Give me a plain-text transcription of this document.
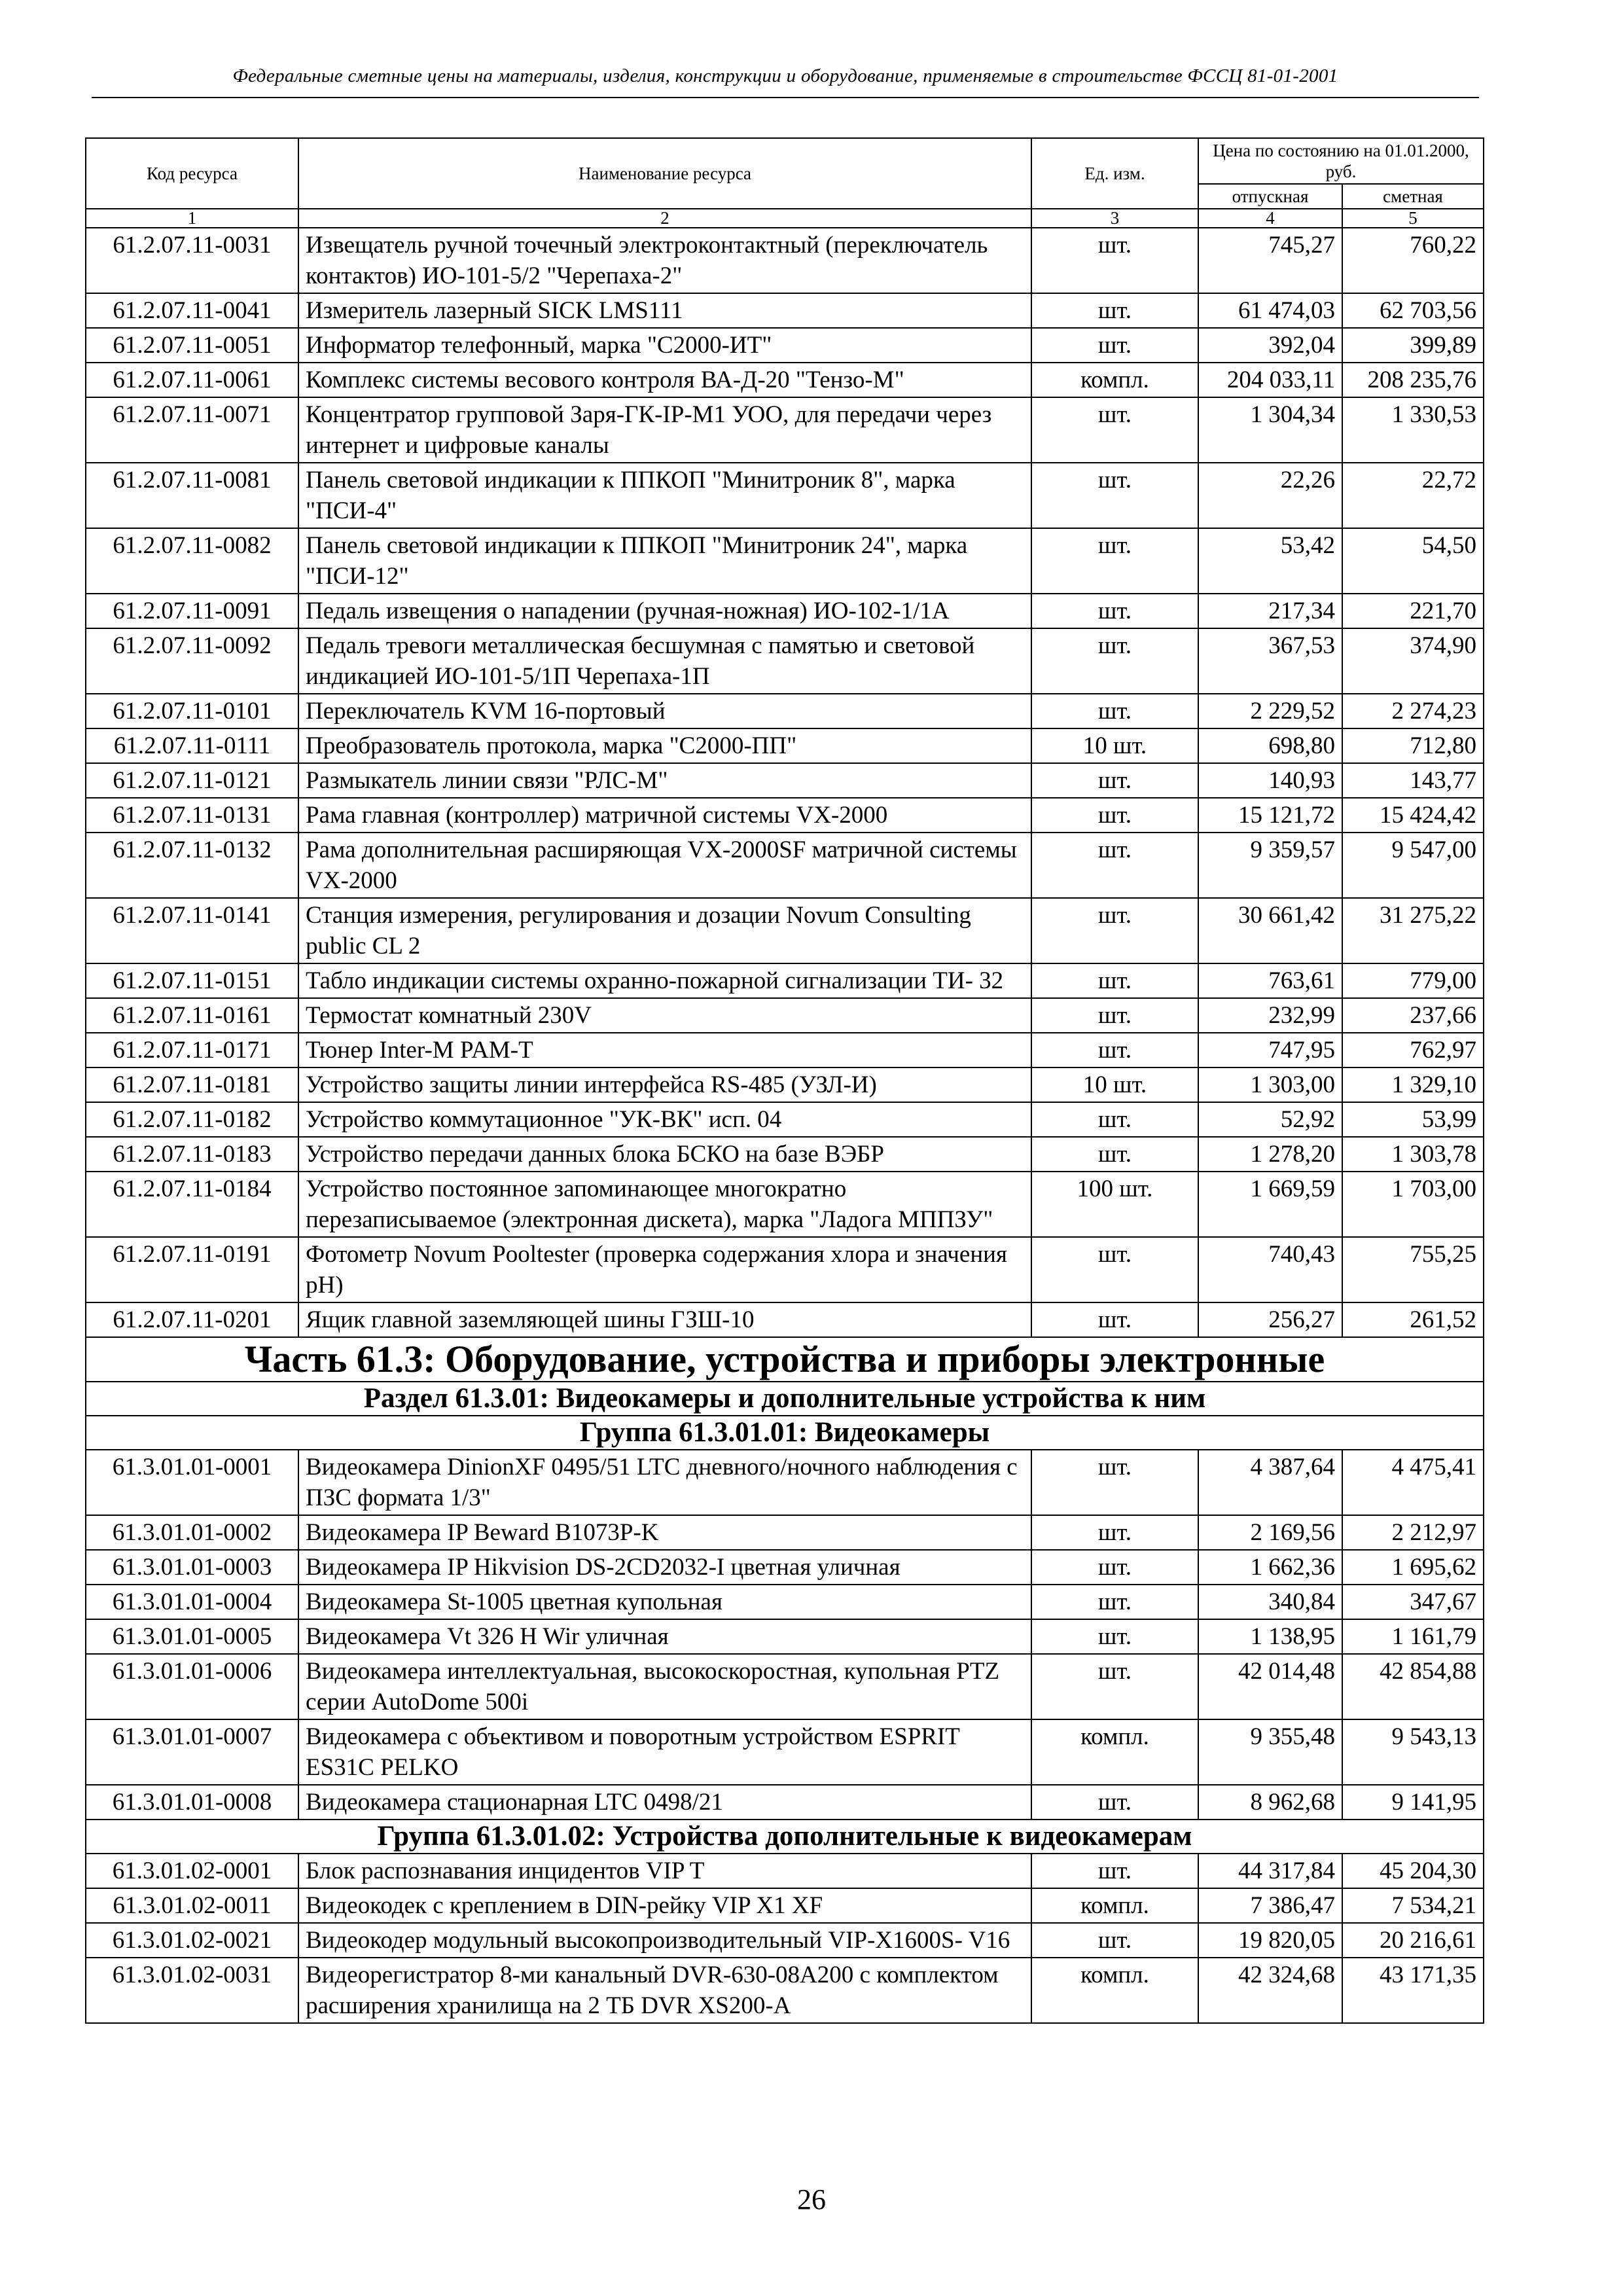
Федеральные сметные цены на материалы, изделия, конструкции и оборудование, применяемые в строительстве ФССЦ 81-01-2001
Код ресурса	Наименование ресурса	Ед. изм.	Цена по состоянию на 01.01.2000, руб.	
			отпускная	сметная
1	2	3	4	5
61.2.07.11-0031	Извещатель ручной точечный электроконтактный (переключатель контактов) ИО-101-5/2 "Черепаха-2"	шт.	745,27	760,22
61.2.07.11-0041	Измеритель лазерный SICK LMS111	шт.	61 474,03	62 703,56
61.2.07.11-0051	Информатор телефонный, марка "С2000-ИТ"	шт.	392,04	399,89
61.2.07.11-0061	Комплекс системы весового контроля ВА-Д-20 "Тензо-М"	компл.	204 033,11	208 235,76
61.2.07.11-0071	Концентратор групповой Заря-ГК-IP-M1 УОО, для передачи через интернет и цифровые каналы	шт.	1 304,34	1 330,53
61.2.07.11-0081	Панель световой индикации к ППКОП "Минитроник 8", марка "ПСИ-4"	шт.	22,26	22,72
61.2.07.11-0082	Панель световой индикации к ППКОП "Минитроник 24", марка "ПСИ-12"	шт.	53,42	54,50
61.2.07.11-0091	Педаль извещения о нападении (ручная-ножная) ИО-102-1/1А	шт.	217,34	221,70
61.2.07.11-0092	Педаль тревоги металлическая бесшумная с памятью и световой индикацией ИО-101-5/1П Черепаха-1П	шт.	367,53	374,90
61.2.07.11-0101	Переключатель KVM 16-портовый	шт.	2 229,52	2 274,23
61.2.07.11-0111	Преобразователь протокола, марка "С2000-ПП"	10 шт.	698,80	712,80
61.2.07.11-0121	Размыкатель линии связи "РЛС-М"	шт.	140,93	143,77
61.2.07.11-0131	Рама главная (контроллер) матричной системы VX-2000	шт.	15 121,72	15 424,42
61.2.07.11-0132	Рама дополнительная расширяющая VX-2000SF матричной системы VX-2000	шт.	9 359,57	9 547,00
61.2.07.11-0141	Станция измерения, регулирования и дозации Novum Consulting public CL 2	шт.	30 661,42	31 275,22
61.2.07.11-0151	Табло индикации системы охранно-пожарной сигнализации ТИ- 32	шт.	763,61	779,00
61.2.07.11-0161	Термостат комнатный 230V	шт.	232,99	237,66
61.2.07.11-0171	Тюнер Inter-M PAM-T	шт.	747,95	762,97
61.2.07.11-0181	Устройство защиты линии интерфейса RS-485 (УЗЛ-И)	10 шт.	1 303,00	1 329,10
61.2.07.11-0182	Устройство коммутационное "УК-ВК" исп. 04	шт.	52,92	53,99
61.2.07.11-0183	Устройство передачи данных блока БСКО на базе ВЭБР	шт.	1 278,20	1 303,78
61.2.07.11-0184	Устройство постоянное запоминающее многократно перезаписываемое (электронная дискета), марка "Ладога МППЗУ"	100 шт.	1 669,59	1 703,00
61.2.07.11-0191	Фотометр Novum Pooltester (проверка содержания хлора и значения pH)	шт.	740,43	755,25
61.2.07.11-0201	Ящик главной заземляющей шины ГЗШ-10	шт.	256,27	261,52
Часть 61.3: Оборудование, устройства и приборы электронные				
Раздел 61.3.01: Видеокамеры и дополнительные устройства к ним				
Группа 61.3.01.01: Видеокамеры				
61.3.01.01-0001	Видеокамера DinionXF 0495/51 LTC дневного/ночного наблюдения с ПЗС формата 1/3"	шт.	4 387,64	4 475,41
61.3.01.01-0002	Видеокамера IP Beward B1073P-K	шт.	2 169,56	2 212,97
61.3.01.01-0003	Видеокамера IP Hikvision DS-2CD2032-I цветная уличная	шт.	1 662,36	1 695,62
61.3.01.01-0004	Видеокамера St-1005 цветная купольная	шт.	340,84	347,67
61.3.01.01-0005	Видеокамера Vt 326 H Wir уличная	шт.	1 138,95	1 161,79
61.3.01.01-0006	Видеокамера интеллектуальная, высокоскоростная, купольная PTZ серии AutoDome 500i	шт.	42 014,48	42 854,88
61.3.01.01-0007	Видеокамера с объективом и поворотным устройством ESPRIT ES31C PELKO	компл.	9 355,48	9 543,13
61.3.01.01-0008	Видеокамера стационарная LTC 0498/21	шт.	8 962,68	9 141,95
Группа 61.3.01.02: Устройства дополнительные к видеокамерам				
61.3.01.02-0001	Блок распознавания инцидентов VIP T	шт.	44 317,84	45 204,30
61.3.01.02-0011	Видеокодек с креплением в DIN-рейку VIP X1 XF	компл.	7 386,47	7 534,21
61.3.01.02-0021	Видеокодер модульный высокопроизводительный VIP-X1600S- V16	шт.	19 820,05	20 216,61
61.3.01.02-0031	Видеорегистратор 8-ми канальный DVR-630-08A200 с комплектом расширения хранилища на 2 ТБ DVR XS200-A	компл.	42 324,68	43 171,35
26
